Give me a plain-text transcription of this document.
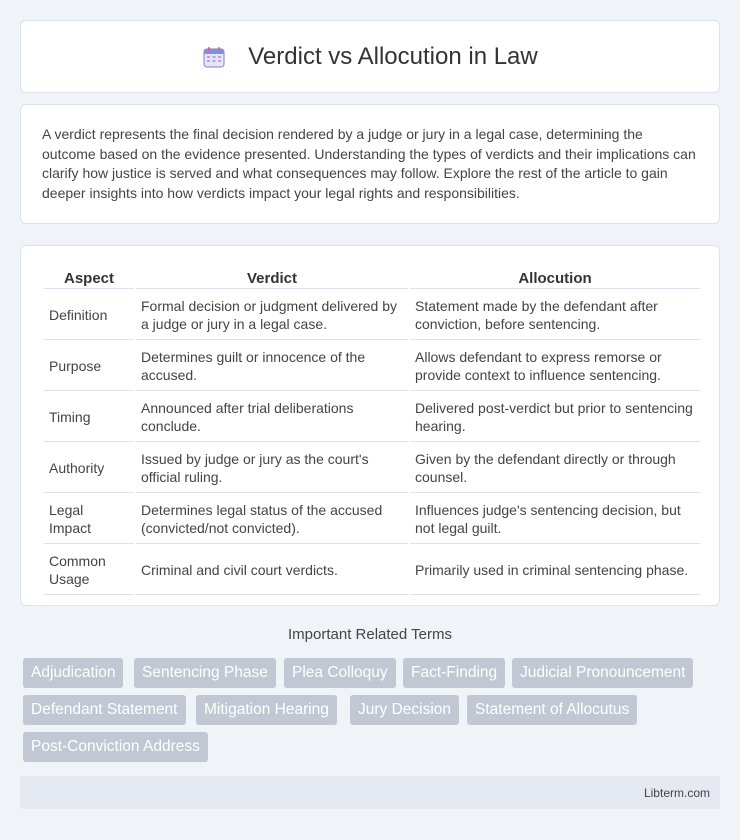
Verdict vs Allocution in Law

A verdict represents the final decision rendered by a judge or jury in a legal case, determining the outcome based on the evidence presented. Understanding the types of verdicts and their implications can clarify how justice is served and what consequences may follow. Explore the rest of the article to gain deeper insights into how verdicts impact your legal rights and responsibilities.

Aspect	Verdict	Allocution
Definition	Formal decision or judgment delivered by a judge or jury in a legal case.	Statement made by the defendant after conviction, before sentencing.
Purpose	Determines guilt or innocence of the accused.	Allows defendant to express remorse or provide context to influence sentencing.
Timing	Announced after trial deliberations conclude.	Delivered post-verdict but prior to sentencing hearing.
Authority	Issued by judge or jury as the court's official ruling.	Given by the defendant directly or through counsel.
Legal Impact	Determines legal status of the accused (convicted/not convicted).	Influences judge's sentencing decision, but not legal guilt.
Common Usage	Criminal and civil court verdicts.	Primarily used in criminal sentencing phase.
Important Related Terms
Adjudication	Sentencing Phase	Plea Colloquy	Fact-Finding	Judicial Pronouncement
Defendant Statement	Mitigation Hearing	Jury Decision	Statement of Allocutus
Post-Conviction Address
Libterm.com
